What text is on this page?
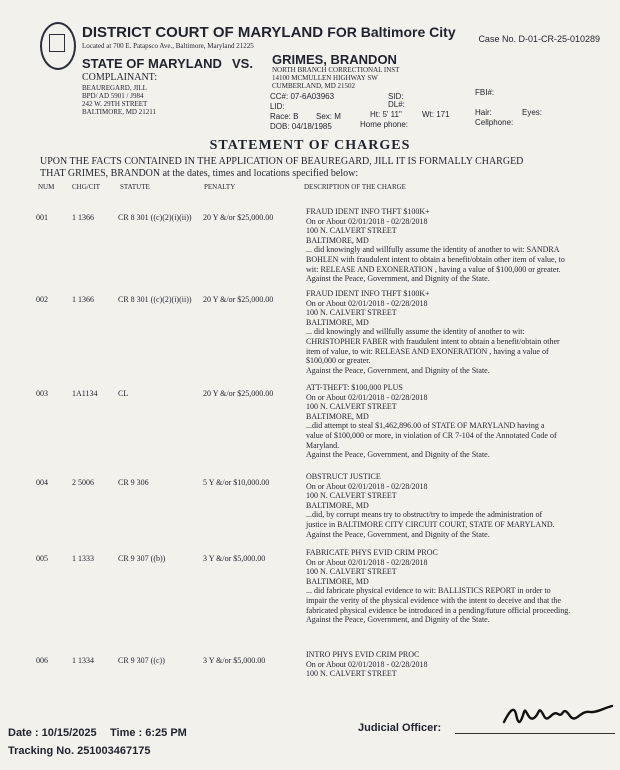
DISTRICT COURT OF MARYLAND FOR Baltimore City
Located at 700 E. Patapsco Ave., Baltimore, Maryland 21225
Case No. D-01-CR-25-010289
STATE OF MARYLAND VS. GRIMES, BRANDON
NORTH BRANCH CORRECTIONAL INST
14100 MCMULLEN HIGHWAY SW
CUMBERLAND, MD 21502
COMPLAINANT:
BEAUREGARD, JILL
BPD/ AD 5901 / J984
242 W. 29TH STREET
BALTIMORE, MD 21211
CC#: 07-6A03963	SID:	FBI#:
LID:	DL#:
Race: B Sex: M	Ht: 5' 11"	Wt: 171	Hair:	Eyes:
DOB: 04/18/1985	Home phone:	Cellphone:
STATEMENT OF CHARGES
UPON THE FACTS CONTAINED IN THE APPLICATION OF BEAUREGARD, JILL IT IS FORMALLY CHARGED
THAT GRIMES, BRANDON at the dates, times and locations specified below:
NUM	CHG/CIT	STATUTE	PENALTY	DESCRIPTION OF THE CHARGE
001	1 1366	CR 8 301 ((c)(2)(i)(ii)) 20 Y &/or $25,000.00
FRAUD IDENT INFO THFT $100K+
On or About 02/01/2018 - 02/28/2018
100 N. CALVERT STREET
BALTIMORE, MD
... did knowingly and willfully assume the identity of another to wit: SANDRA
BOHLEN with fraudulent intent to obtain a benefit/obtain other item of value, to
wit: RELEASE AND EXONERATION , having a value of $100,000 or greater.
Against the Peace, Government, and Dignity of the State.
002	1 1366	CR 8 301 ((c)(2)(i)(ii)) 20 Y &/or $25,000.00
FRAUD IDENT INFO THFT $100K+
On or About 02/01/2018 - 02/28/2018
100 N. CALVERT STREET
BALTIMORE, MD
... did knowingly and willfully assume the identity of another to wit:
CHRISTOPHER FABER with fraudulent intent to obtain a benefit/obtain other
item of value, to wit: RELEASE AND EXONERATION , having a value of
$100,000 or greater.
Against the Peace, Government, and Dignity of the State.
003	1A1134	CL	20 Y &/or $25,000.00
ATT-THEFT: $100,000 PLUS
On or About 02/01/2018 - 02/28/2018
100 N. CALVERT STREET
BALTIMORE, MD
...did attempt to steal $1,462,896.00 of STATE OF MARYLAND having a
value of $100,000 or more, in violation of CR 7-104 of the Annotated Code of
Maryland.
Against the Peace, Government, and Dignity of the State.
004	2 5006	CR 9 306	5 Y &/or $10,000.00
OBSTRUCT JUSTICE
On or About 02/01/2018 - 02/28/2018
100 N. CALVERT STREET
BALTIMORE, MD
...did, by corrupt means try to obstruct/try to impede the administration of
justice in BALTIMORE CITY CIRCUIT COURT, STATE OF MARYLAND.
Against the Peace, Government, and Dignity of the State.
005	1 1333	CR 9 307 ((b))	3 Y &/or $5,000.00
FABRICATE PHYS EVID CRIM PROC
On or About 02/01/2018 - 02/28/2018
100 N. CALVERT STREET
BALTIMORE, MD
... did fabricate physical evidence to wit: BALLISTICS REPORT in order to
impair the verity of the physical evidence with the intent to deceive and that the
fabricated physical evidence be introduced in a pending/future official proceeding.
Against the Peace, Government, and Dignity of the State.
006	1 1334	CR 9 307 ((c))	3 Y &/or $5,000.00
INTRO PHYS EVID CRIM PROC
On or About 02/01/2018 - 02/28/2018
100 N. CALVERT STREET
Date : 10/15/2025 Time : 6:25 PM
Tracking No. 251003467175
Judicial Officer:
